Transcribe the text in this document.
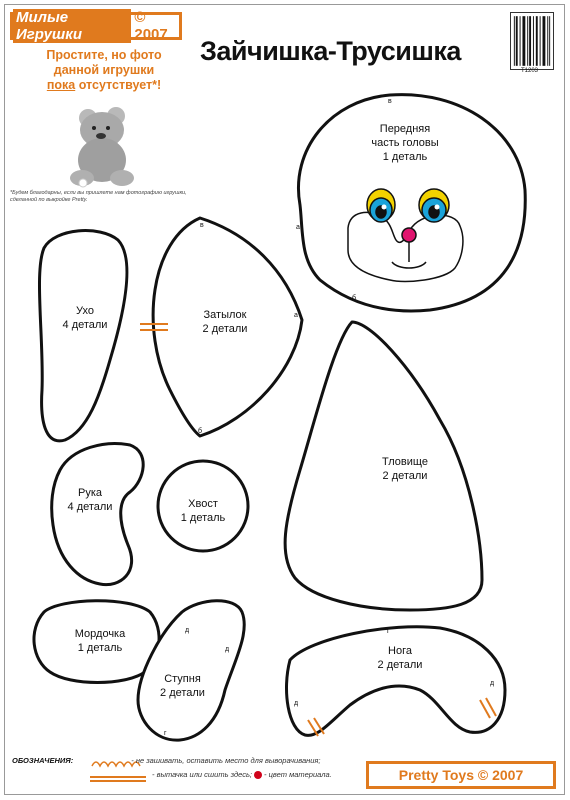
Милые Игрушки
© 2007
Простите, но фото
данной игрушки
пока отсутствует*!
*Будем благодарны, если вы пришлете нам фотографию игрушки, сделанной по выкройке Pretty.
Зайчишка-Трусишка
T1203
Передняя
часть головы
1 деталь
Ухо
4 детали
Затылок
2 детали
Тловище
2 детали
Рука
4 детали	Хвост
1 деталь
Мордочка
1 деталь
Ступня
2 детали
Нога
2 детали
в
а
б
в
а
б
г
д
д
д
д
г
ОБОЗНАЧЕНИЯ:	- не зашивать, оставить место для выворачивания;
- вытачка или сшить здесь; - цвет материала.	Pretty Toys
© 2007
